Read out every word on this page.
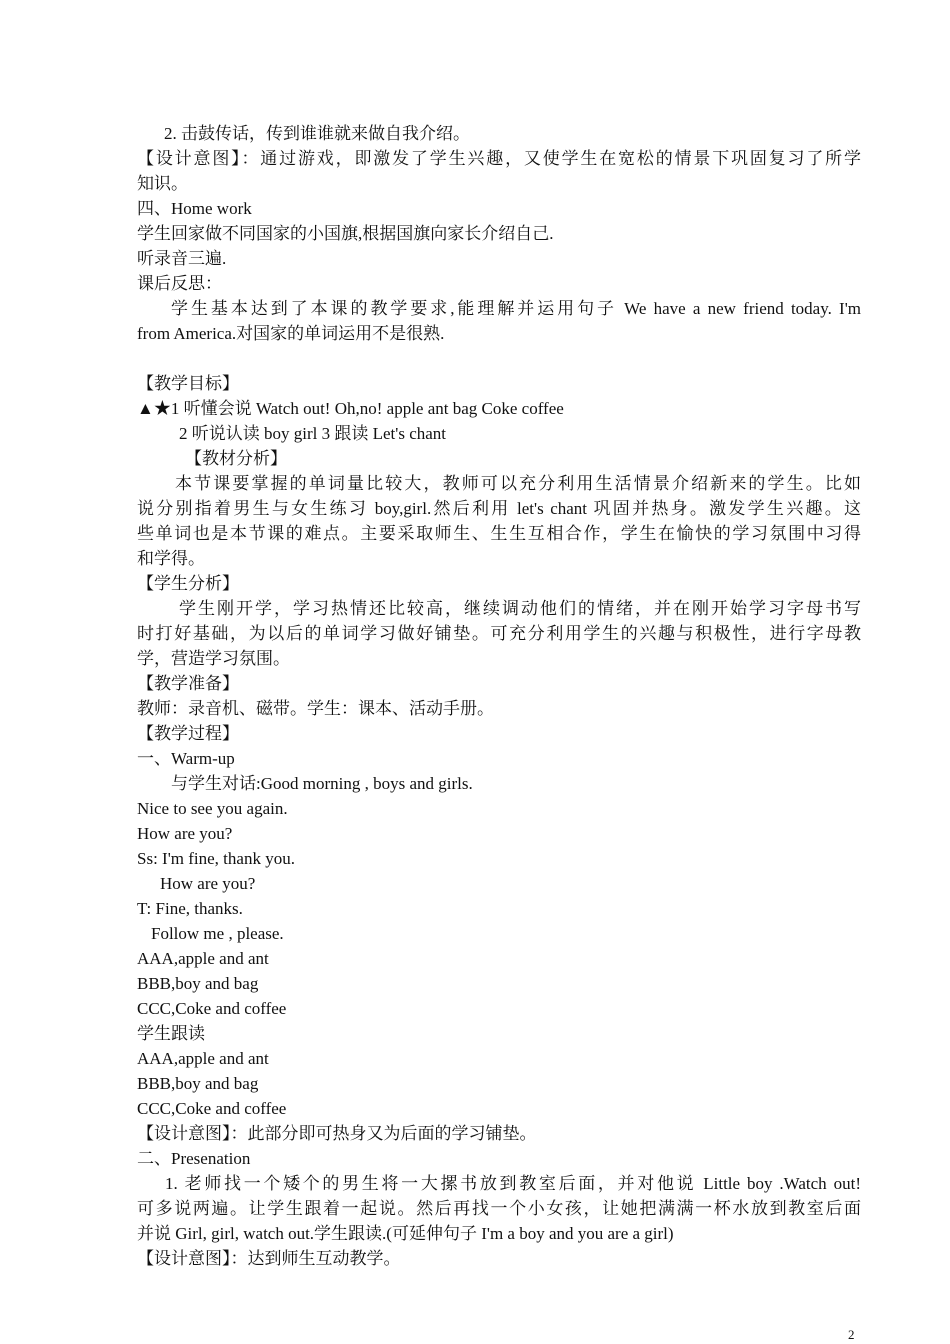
2. 击鼓传话，传到谁谁就来做自我介绍。
【设计意图】：通过游戏，即激发了学生兴趣，又使学生在宽松的情景下巩固复习了所学
知识。
四、Home work
学生回家做不同国家的小国旗,根据国旗向家长介绍自己.
听录音三遍.
课后反思：
学生基本达到了本课的教学要求,能理解并运用句子 We have a new friend today. I'm
from America.对国家的单词运用不是很熟.
【教学目标】
▲★1 听懂会说 Watch out! Oh,no! apple ant bag Coke coffee
2 听说认读 boy girl 3 跟读 Let's chant
【教材分析】
本节课要掌握的单词量比较大，教师可以充分利用生活情景介绍新来的学生。比如
说分别指着男生与女生练习 boy,girl.然后利用 let's chant 巩固并热身。激发学生兴趣。这
些单词也是本节课的难点。主要采取师生、生生互相合作，学生在愉快的学习氛围中习得
和学得。
【学生分析】
学生刚开学，学习热情还比较高，继续调动他们的情绪，并在刚开始学习字母书写
时打好基础，为以后的单词学习做好铺垫。可充分利用学生的兴趣与积极性，进行字母教
学，营造学习氛围。
【教学准备】
教师：录音机、磁带。学生：课本、活动手册。
【教学过程】
一、Warm-up
与学生对话:Good morning , boys and girls.
Nice to see you again.
How are you?
Ss: I'm fine, thank you.
How are you?
T: Fine, thanks.
Follow me , please.
AAA,apple and ant
BBB,boy and bag
CCC,Coke and coffee
学生跟读
AAA,apple and ant
BBB,boy and bag
CCC,Coke and coffee
【设计意图】：此部分即可热身又为后面的学习铺垫。
二、Presenation
1. 老师找一个矮个的男生将一大摞书放到教室后面，并对他说 Little boy .Watch out!
可多说两遍。让学生跟着一起说。然后再找一个小女孩，让她把满满一杯水放到教室后面
并说 Girl, girl, watch out.学生跟读.(可延伸句子 I'm a boy and you are a girl)
【设计意图】：达到师生互动教学。
2
